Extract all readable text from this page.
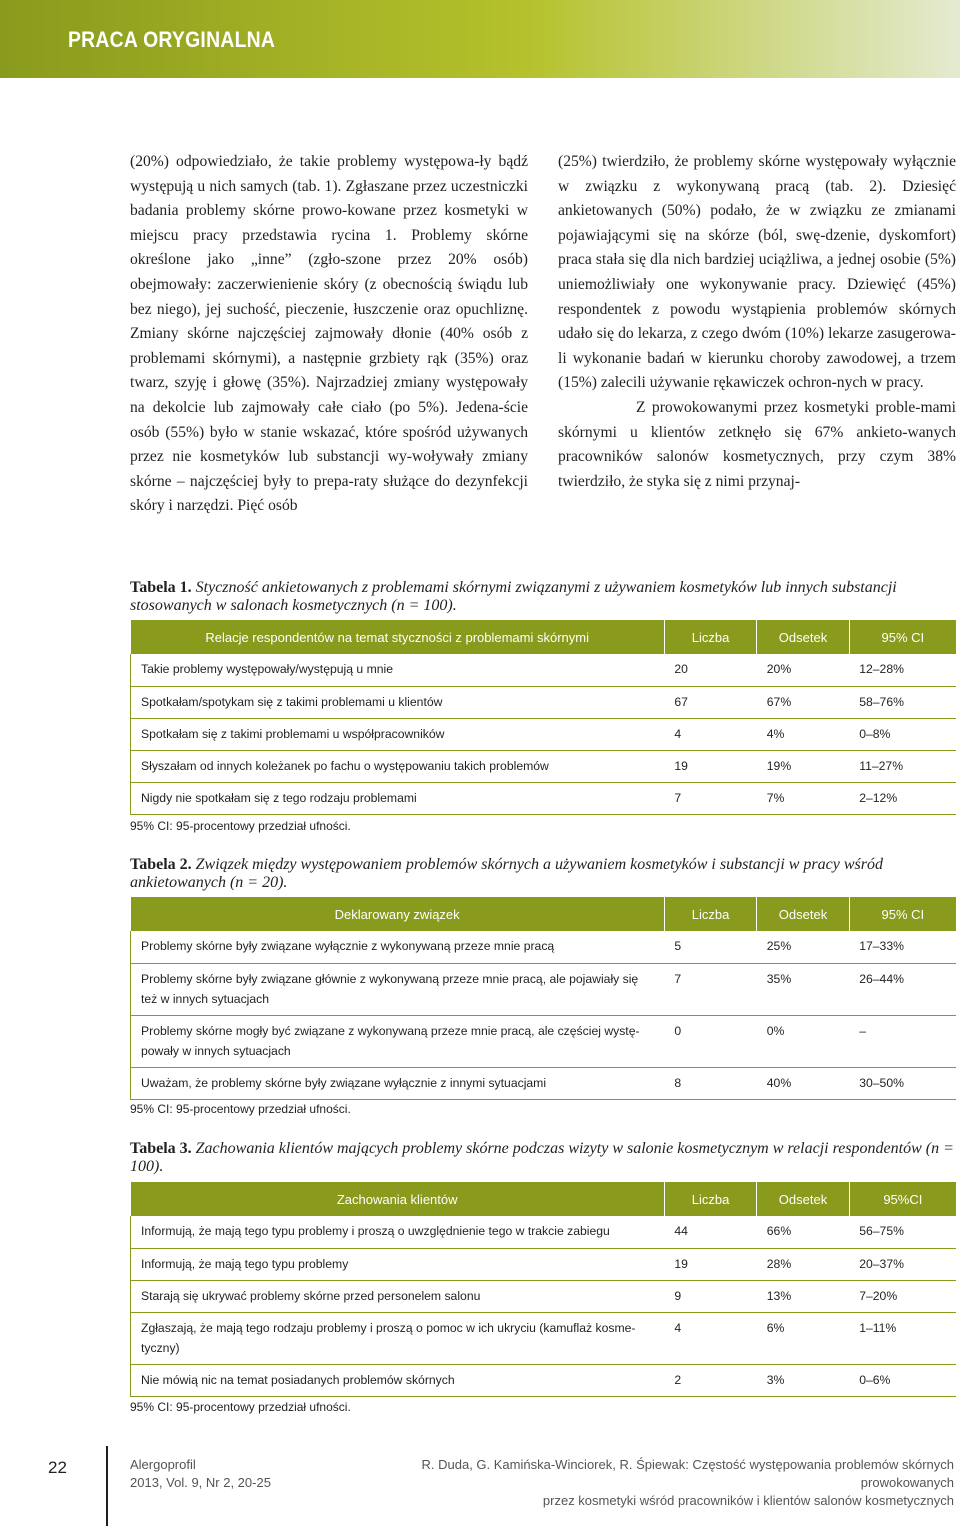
PRACA ORYGINALNA

(20%) odpowiedziało, że takie problemy występowa-ły bądź występują u nich samych (tab. 1). Zgłaszane przez uczestniczki badania problemy skórne prowo-kowane przez kosmetyki w miejscu pracy przedstawia rycina 1. Problemy skórne określone jako „inne” (zgło-szone przez 20% osób) obejmowały: zaczerwienienie skóry (z obecnością świądu lub bez niego), jej suchość, pieczenie, łuszczenie oraz opuchliznę. Zmiany skórne najczęściej zajmowały dłonie (40% osób z problemami skórnymi), a następnie grzbiety rąk (35%) oraz twarz, szyję i głowę (35%). Najrzadziej zmiany występowały na dekolcie lub zajmowały całe ciało (po 5%). Jedena-ście osób (55%) było w stanie wskazać, które spośród używanych przez nie kosmetyków lub substancji wy-woływały zmiany skórne – najczęściej były to prepa-raty służące do dezynfekcji skóry i narzędzi. Pięć osób

(25%) twierdziło, że problemy skórne występowały wyłącznie w związku z wykonywaną pracą (tab. 2). Dziesięć ankietowanych (50%) podało, że w związku ze zmianami pojawiającymi się na skórze (ból, swę-dzenie, dyskomfort) praca stała się dla nich bardziej uciążliwa, a jednej osobie (5%) uniemożliwiały one wykonywanie pracy. Dziewięć (45%) respondentek z powodu wystąpienia problemów skórnych udało się do lekarza, z czego dwóm (10%) lekarze zasugerowa-li wykonanie badań w kierunku choroby zawodowej, a trzem (15%) zalecili używanie rękawiczek ochron-nych w pracy.

Z prowokowanymi przez kosmetyki proble-mami skórnymi u klientów zetknęło się 67% ankieto-wanych pracowników salonów kosmetycznych, przy czym 38% twierdziło, że styka się z nimi przynaj-

Tabela 1. Styczność ankietowanych z problemami skórnymi związanymi z używaniem kosmetyków lub innych substancji stosowanych w salonach kosmetycznych (n = 100).
Relacje respondentów na temat styczności z problemami skórnymi	Liczba	Odsetek	95% CI
Takie problemy występowały/występują u mnie	20	20%	12–28%
Spotkałam/spotykam się z takimi problemami u klientów	67	67%	58–76%
Spotkałam się z takimi problemami u współpracowników	4	4%	0–8%
Słyszałam od innych koleżanek po fachu o występowaniu takich problemów	19	19%	11–27%
Nigdy nie spotkałam się z tego rodzaju problemami	7	7%	2–12%
95% CI: 95-procentowy przedział ufności.
Tabela 2. Związek między występowaniem problemów skórnych a używaniem kosmetyków i substancji w pracy wśród ankietowanych (n = 20).
Deklarowany związek	Liczba	Odsetek	95% CI
Problemy skórne były związane wyłącznie z wykonywaną przeze mnie pracą	5	25%	17–33%
Problemy skórne były związane głównie z wykonywaną przeze mnie pracą, ale pojawiały się też w innych sytuacjach	7	35%	26–44%
Problemy skórne mogły być związane z wykonywaną przeze mnie pracą, ale częściej wystę-powały w innych sytuacjach	0	0%	–
Uważam, że problemy skórne były związane wyłącznie z innymi sytuacjami	8	40%	30–50%
95% CI: 95-procentowy przedział ufności.
Tabela 3. Zachowania klientów mających problemy skórne podczas wizyty w salonie kosmetycznym w relacji respondentów (n = 100).
Zachowania klientów	Liczba	Odsetek	95%CI
Informują, że mają tego typu problemy i proszą o uwzględnienie tego w trakcie zabiegu	44	66%	56–75%
Informują, że mają tego typu problemy	19	28%	20–37%
Starają się ukrywać problemy skórne przed personelem salonu	9	13%	7–20%
Zgłaszają, że mają tego rodzaju problemy i proszą o pomoc w ich ukryciu (kamuflaż kosme-tyczny)	4	6%	1–11%
Nie mówią nic na temat posiadanych problemów skórnych	2	3%	0–6%
95% CI: 95-procentowy przedział ufności.
22	Alergoprofil
2013, Vol. 9, Nr 2, 20-25
R. Duda, G. Kamińska-Winciorek, R. Śpiewak: Częstość występowania problemów skórnych prowokowanych
przez kosmetyki wśród pracowników i klientów salonów kosmetycznych
